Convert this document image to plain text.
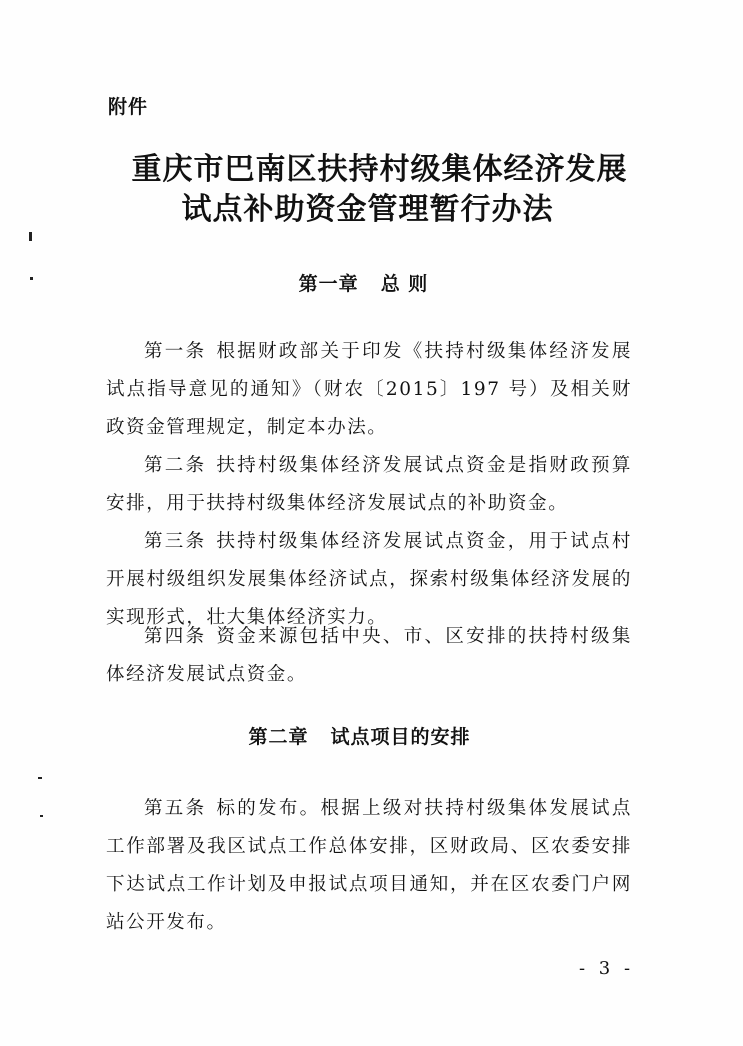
附件
重庆市巴南区扶持村级集体经济发展
试点补助资金管理暂行办法
第一章 总 则
第一条 根据财政部关于印发《扶持村级集体经济发展试点指导意见的通知》（财农〔2015〕197 号）及相关财政资金管理规定，制定本办法。
第二条 扶持村级集体经济发展试点资金是指财政预算安排，用于扶持村级集体经济发展试点的补助资金。
第三条 扶持村级集体经济发展试点资金，用于试点村开展村级组织发展集体经济试点，探索村级集体经济发展的实现形式，壮大集体经济实力。
第四条 资金来源包括中央、市、区安排的扶持村级集体经济发展试点资金。
第二章 试点项目的安排
第五条 标的发布。根据上级对扶持村级集体发展试点工作部署及我区试点工作总体安排，区财政局、区农委安排下达试点工作计划及申报试点项目通知，并在区农委门户网站公开发布。
- 3 -
